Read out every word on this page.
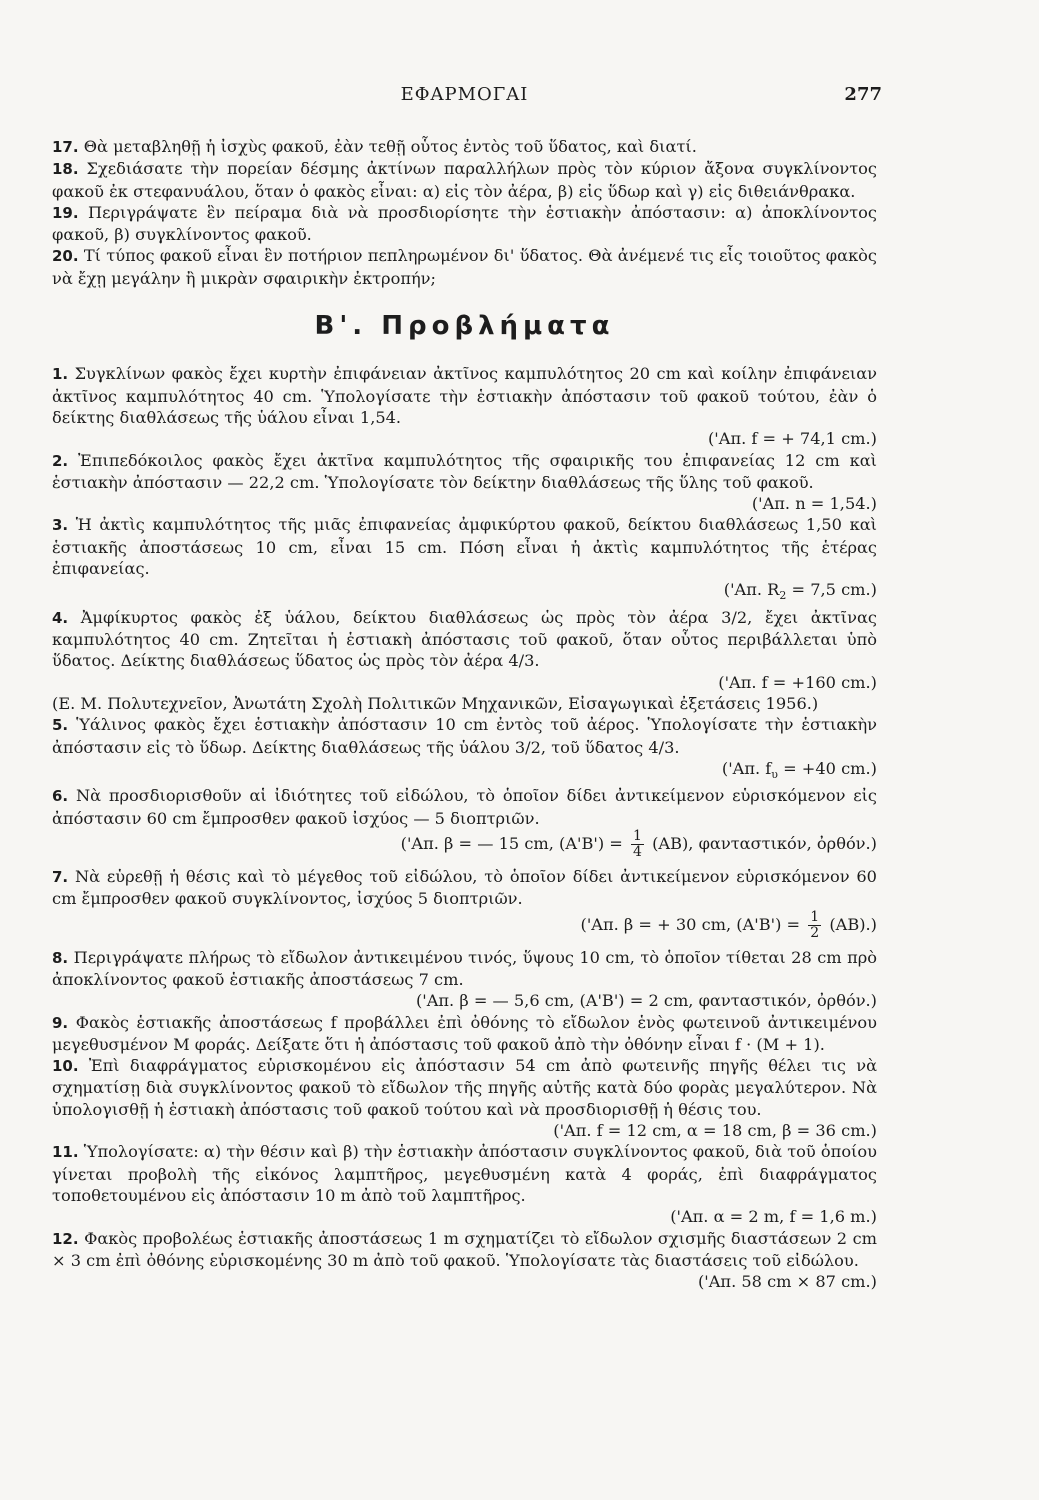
ΕΦΑΡΜΟΓΑΙ	277

17. Θὰ μεταβληθῇ ἡ ἰσχὺς φακοῦ, ἐὰν τεθῇ οὗτος ἐντὸς τοῦ ὕδατος, καὶ διατί.

18. Σχεδιάσατε τὴν πορείαν δέσμης ἀκτίνων παραλλήλων πρὸς τὸν κύριον ἄξονα συγκλίνοντος φακοῦ ἐκ στεφανυάλου, ὅταν ὁ φακὸς εἶναι: α) εἰς τὸν ἀέρα, β) εἰς ὕδωρ καὶ γ) εἰς διθειάνθρακα.

19. Περιγράψατε ἓν πείραμα διὰ νὰ προσδιορίσητε τὴν ἑστιακὴν ἀπόστασιν: α) ἀποκλίνοντος φακοῦ, β) συγκλίνοντος φακοῦ.

20. Τί τύπος φακοῦ εἶναι ἓν ποτήριον πεπληρωμένον δι' ὕδατος. Θὰ ἀνέμενέ τις εἷς τοιοῦτος φακὸς νὰ ἔχῃ μεγάλην ἢ μικρὰν σφαιρικὴν ἐκτροπήν;

Β'. Προβλήματα

1. Συγκλίνων φακὸς ἔχει κυρτὴν ἐπιφάνειαν ἀκτῖνος καμπυλότητος 20 cm καὶ κοίλην ἐπιφάνειαν ἀκτῖνος καμπυλότητος 40 cm. Ὑπολογίσατε τὴν ἑστιακὴν ἀπόστασιν τοῦ φακοῦ τούτου, ἐὰν ὁ δείκτης διαθλάσεως τῆς ὑάλου εἶναι 1,54.

('Απ. f = + 74,1 cm.)

2. Ἐπιπεδόκοιλος φακὸς ἔχει ἀκτῖνα καμπυλότητος τῆς σφαιρικῆς του ἐπιφανείας 12 cm καὶ ἑστιακὴν ἀπόστασιν — 22,2 cm. Ὑπολογίσατε τὸν δείκτην διαθλάσεως τῆς ὕλης τοῦ φακοῦ.

('Απ. n = 1,54.)

3. Ἡ ἀκτὶς καμπυλότητος τῆς μιᾶς ἐπιφανείας ἀμφικύρτου φακοῦ, δείκτου διαθλάσεως 1,50 καὶ ἑστιακῆς ἀποστάσεως 10 cm, εἶναι 15 cm. Πόση εἶναι ἡ ἀκτὶς καμπυλότητος τῆς ἑτέρας ἐπιφανείας.

('Απ. $R_2 = 7,5$ cm.)

4. Ἀμφίκυρτος φακὸς ἐξ ὑάλου, δείκτου διαθλάσεως ὡς πρὸς τὸν ἀέρα 3/2, ἔχει ἀκτῖνας καμπυλότητος 40 cm. Ζητεῖται ἡ ἑστιακὴ ἀπόστασις τοῦ φακοῦ, ὅταν οὗτος περιβάλλεται ὑπὸ ὕδατος. Δείκτης διαθλάσεως ὕδατος ὡς πρὸς τὸν ἀέρα 4/3.

('Απ. f = +160 cm.)

(Ε. Μ. Πολυτεχνεῖον, Ἀνωτάτη Σχολὴ Πολιτικῶν Μηχανικῶν, Εἰσαγωγικαὶ ἐξετάσεις 1956.)

5. Ὑάλινος φακὸς ἔχει ἑστιακὴν ἀπόστασιν 10 cm ἐντὸς τοῦ ἀέρος. Ὑπολογίσατε τὴν ἑστιακὴν ἀπόστασιν εἰς τὸ ὕδωρ. Δείκτης διαθλάσεως τῆς ὑάλου 3/2, τοῦ ὕδατος 4/3.

('Απ. $f_\upsilon = +40$ cm.)

6. Νὰ προσδιορισθοῦν αἱ ἰδιότητες τοῦ εἰδώλου, τὸ ὁποῖον δίδει ἀντικείμενον εὑρισκόμενον εἰς ἀπόστασιν 60 cm ἔμπροσθεν φακοῦ ἰσχύος — 5 διοπτριῶν.

('Απ. β = — 15 cm, $(A'B') = \frac{1}{4} (AB)$, φανταστικόν, ὀρθόν.)

7. Νὰ εὑρεθῇ ἡ θέσις καὶ τὸ μέγεθος τοῦ εἰδώλου, τὸ ὁποῖον δίδει ἀντικείμενον εὑρισκόμενον 60 cm ἔμπροσθεν φακοῦ συγκλίνοντος, ἰσχύος 5 διοπτριῶν.

('Απ. β = + 30 cm, $(A'B') = \frac{1}{2} (AB)$.)

8. Περιγράψατε πλήρως τὸ εἴδωλον ἀντικειμένου τινός, ὕψους 10 cm, τὸ ὁποῖον τίθεται 28 cm πρὸ ἀποκλίνοντος φακοῦ ἑστιακῆς ἀποστάσεως 7 cm.

('Απ. β = — 5,6 cm, (A'B') = 2 cm, φανταστικόν, ὀρθόν.)

9. Φακὸς ἑστιακῆς ἀποστάσεως f προβάλλει ἐπὶ ὀθόνης τὸ εἴδωλον ἑνὸς φωτεινοῦ ἀντικειμένου μεγεθυσμένον Μ φοράς. Δείξατε ὅτι ἡ ἀπόστασις τοῦ φακοῦ ἀπὸ τὴν ὀθόνην εἶναι f · (M + 1).

10. Ἐπὶ διαφράγματος εὑρισκομένου εἰς ἀπόστασιν 54 cm ἀπὸ φωτεινῆς πηγῆς θέλει τις νὰ σχηματίσῃ διὰ συγκλίνοντος φακοῦ τὸ εἴδωλον τῆς πηγῆς αὐτῆς κατὰ δύο φορὰς μεγαλύτερον. Νὰ ὑπολογισθῇ ἡ ἑστιακὴ ἀπόστασις τοῦ φακοῦ τούτου καὶ νὰ προσδιορισθῇ ἡ θέσις του.

('Απ. f = 12 cm, α = 18 cm, β = 36 cm.)

11. Ὑπολογίσατε: α) τὴν θέσιν καὶ β) τὴν ἑστιακὴν ἀπόστασιν συγκλίνοντος φακοῦ, διὰ τοῦ ὁποίου γίνεται προβολὴ τῆς εἰκόνος λαμπτῆρος, μεγεθυσμένη κατὰ 4 φοράς, ἐπὶ διαφράγματος τοποθετουμένου εἰς ἀπόστασιν 10 m ἀπὸ τοῦ λαμπτῆρος.

('Απ. α = 2 m, f = 1,6 m.)

12. Φακὸς προβολέως ἑστιακῆς ἀποστάσεως 1 m σχηματίζει τὸ εἴδωλον σχισμῆς διαστάσεων 2 cm × 3 cm ἐπὶ ὀθόνης εὑρισκομένης 30 m ἀπὸ τοῦ φακοῦ. Ὑπολογίσατε τὰς διαστάσεις τοῦ εἰδώλου.

('Απ. 58 cm × 87 cm.)
